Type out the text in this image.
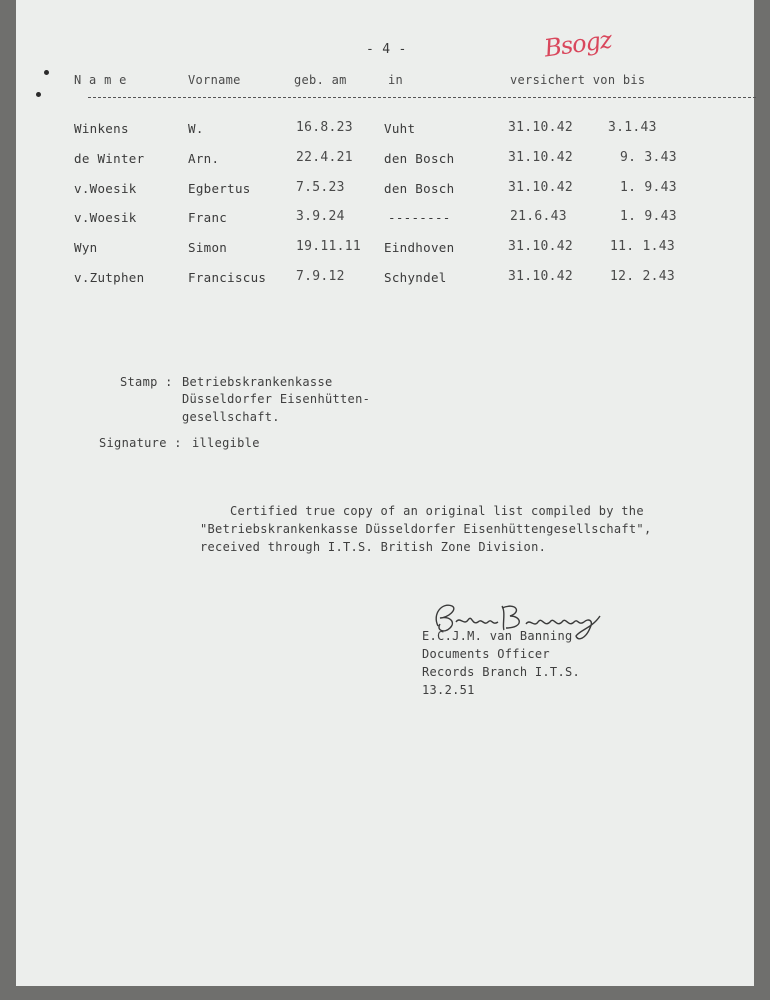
- 4 -	Bsogz
N a m e	Vorname	geb. am	in	versichert von bis
Winkens	W.	16.8.23 Vuht	31.10.42	3.1.43
de Winter	Arn.	22.4.21 den Bosch	31.10.42	9. 3.43
v.Woesik	Egbertus	7.5.23	den Bosch	31.10.42	1. 9.43
v.Woesik	Franc	3.9.24	--------	21.6.43	1. 9.43
Wyn	Simon	19.11.11 Eindhoven	31.10.42	11. 1.43
v.Zutphen	Franciscus 7.9.12	Schyndel	31.10.42	12. 2.43
Stamp : Betriebskrankenkasse
Düsseldorfer Eisenhütten-
gesellschaft.
Signature : illegible
Certified true copy of an original list compiled by the
"Betriebskrankenkasse Düsseldorfer Eisenhüttengesellschaft",
received through I.T.S. British Zone Division.
E.C.J.M. van Banning
Documents Officer
Records Branch I.T.S.
13.2.51
